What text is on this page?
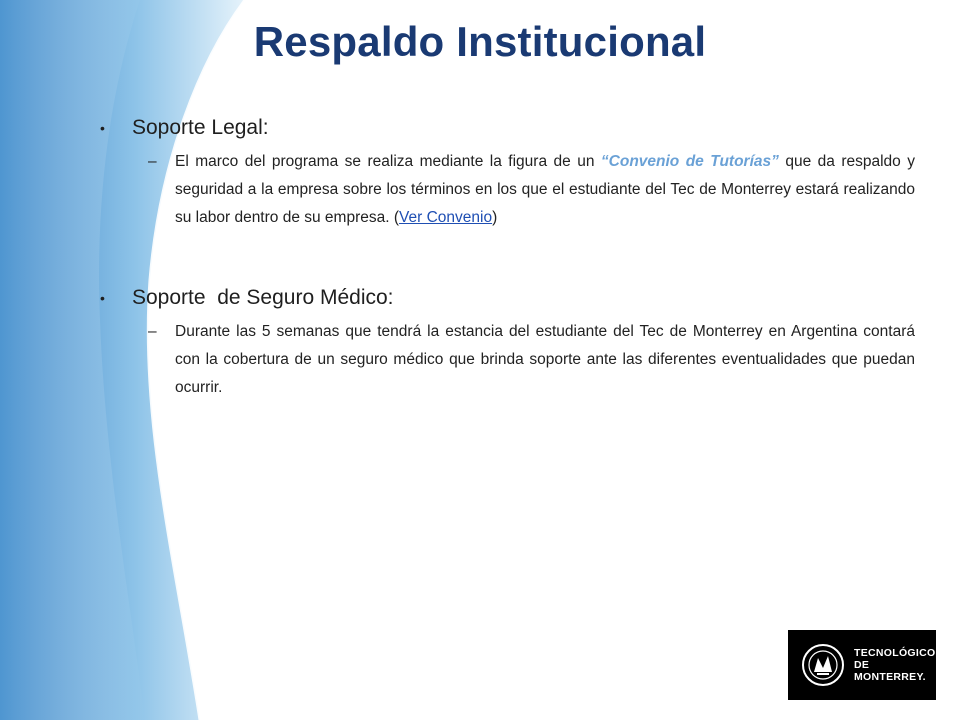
Respaldo Institucional
• Soporte Legal:
– El marco del programa se realiza mediante la figura de un “Convenio de Tutorías” que da respaldo y seguridad a la empresa sobre los términos en los que el estudiante del Tec de Monterrey estará realizando su labor dentro de su empresa. (Ver Convenio)
• Soporte  de Seguro Médico:
– Durante las 5 semanas que tendrá la estancia del estudiante del Tec de Monterrey en Argentina contará con la cobertura de un seguro médico que brinda soporte ante las diferentes eventualidades que puedan ocurrir.
TECNOLÓGICO
DE MONTERREY.
